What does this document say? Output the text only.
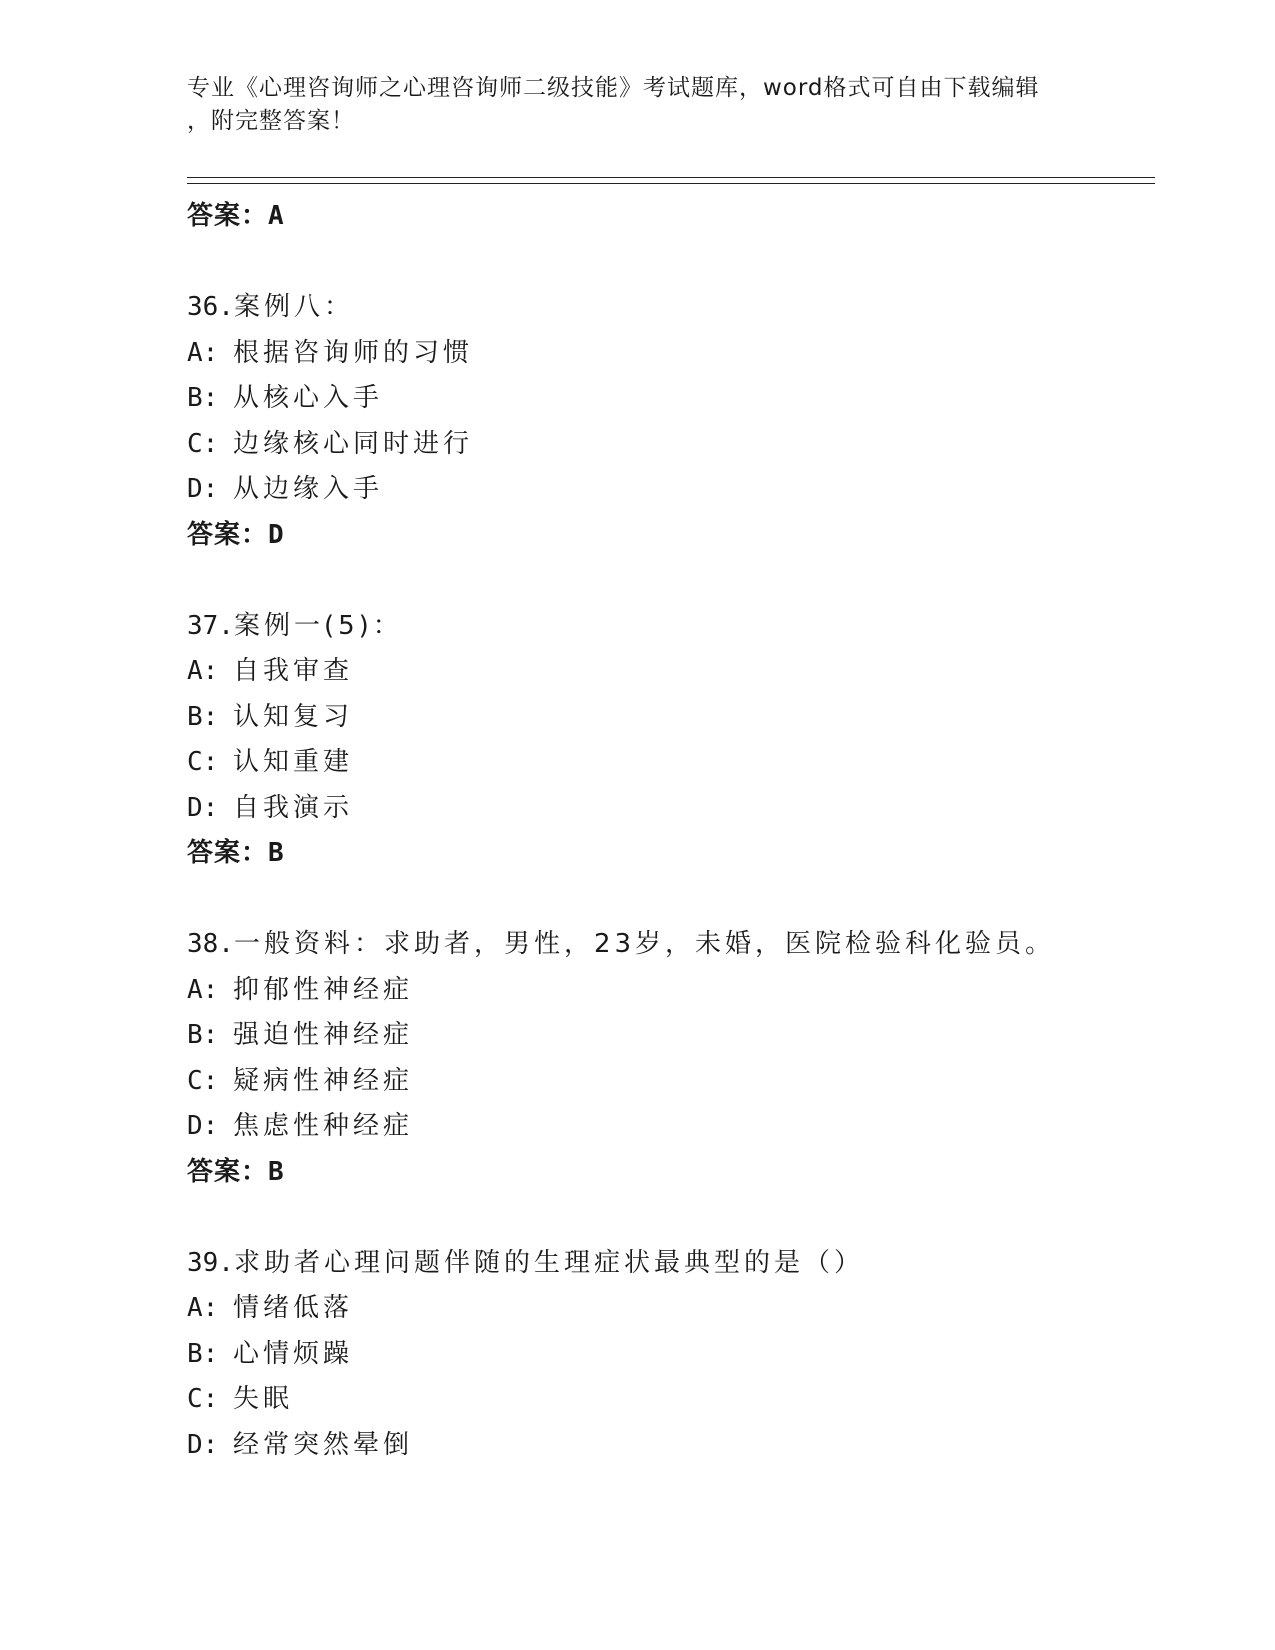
专业《心理咨询师之心理咨询师二级技能》考试题库，word格式可自由下载编辑
，附完整答案！
答案：A
36.案例八：
A: 根据咨询师的习惯
B: 从核心入手
C: 边缘核心同时进行
D: 从边缘入手
答案：D
37.案例一(5)：
A: 自我审查
B: 认知复习
C: 认知重建
D: 自我演示
答案：B
38.一般资料：求助者，男性，23岁，未婚，医院检验科化验员。
A: 抑郁性神经症
B: 强迫性神经症
C: 疑病性神经症
D: 焦虑性种经症
答案：B
39.求助者心理问题伴随的生理症状最典型的是（）
A: 情绪低落
B: 心情烦躁
C: 失眠
D: 经常突然晕倒
